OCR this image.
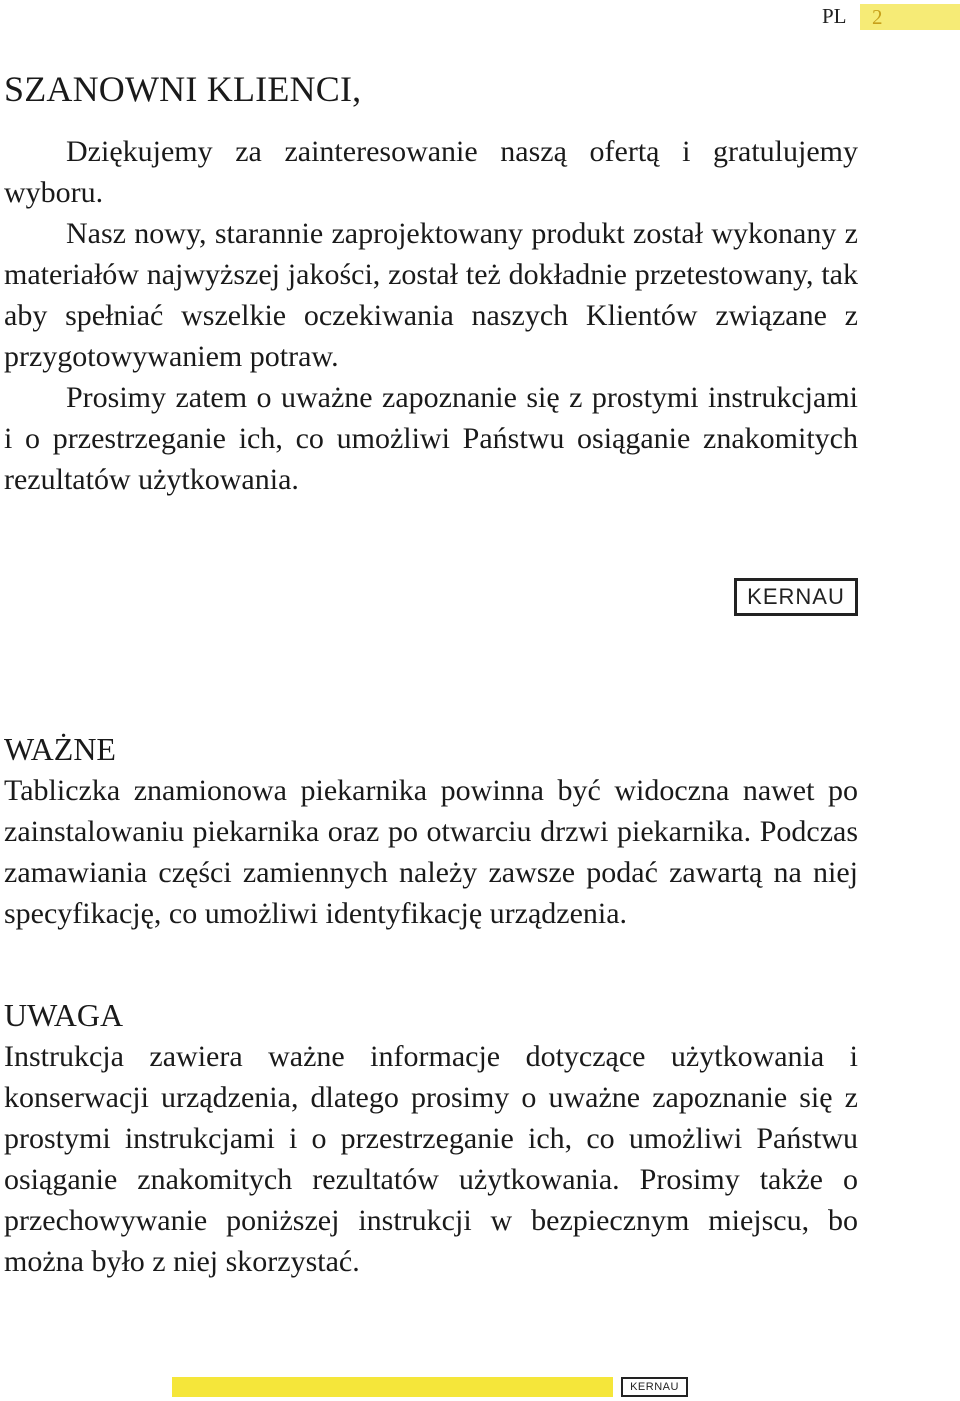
PL	2
SZANOWNI KLIENCI,

Dziękujemy za zainteresowanie naszą ofertą i gratulujemy wyboru.

Nasz nowy, starannie zaprojektowany produkt został wykonany z materiałów najwyższej jakości, został też dokładnie przetestowany, tak aby spełniać wszelkie oczekiwania naszych Klientów związane z przygotowywaniem potraw.

Prosimy zatem o uważne zapoznanie się z prostymi instrukcjami i o przestrzeganie ich, co umożliwi Państwu osiąganie znakomitych rezultatów użytkowania.

KERNAU

WAŻNE

Tabliczka znamionowa piekarnika powinna być widoczna nawet po zainstalowaniu piekarnika oraz po otwarciu drzwi piekarnika. Podczas zamawiania części zamiennych należy zawsze podać zawartą na niej specyfikację, co umożliwi identyfikację urządzenia.

UWAGA

Instrukcja zawiera ważne informacje dotyczące użytkowania i konserwacji urządzenia, dlatego prosimy o uważne zapoznanie się z prostymi instrukcjami i o przestrzeganie ich, co umożliwi Państwu osiąganie znakomitych rezultatów użytkowania. Prosimy także o przechowywanie poniższej instrukcji w bezpiecznym miejscu, bo można było z niej skorzystać.

KERNAU
